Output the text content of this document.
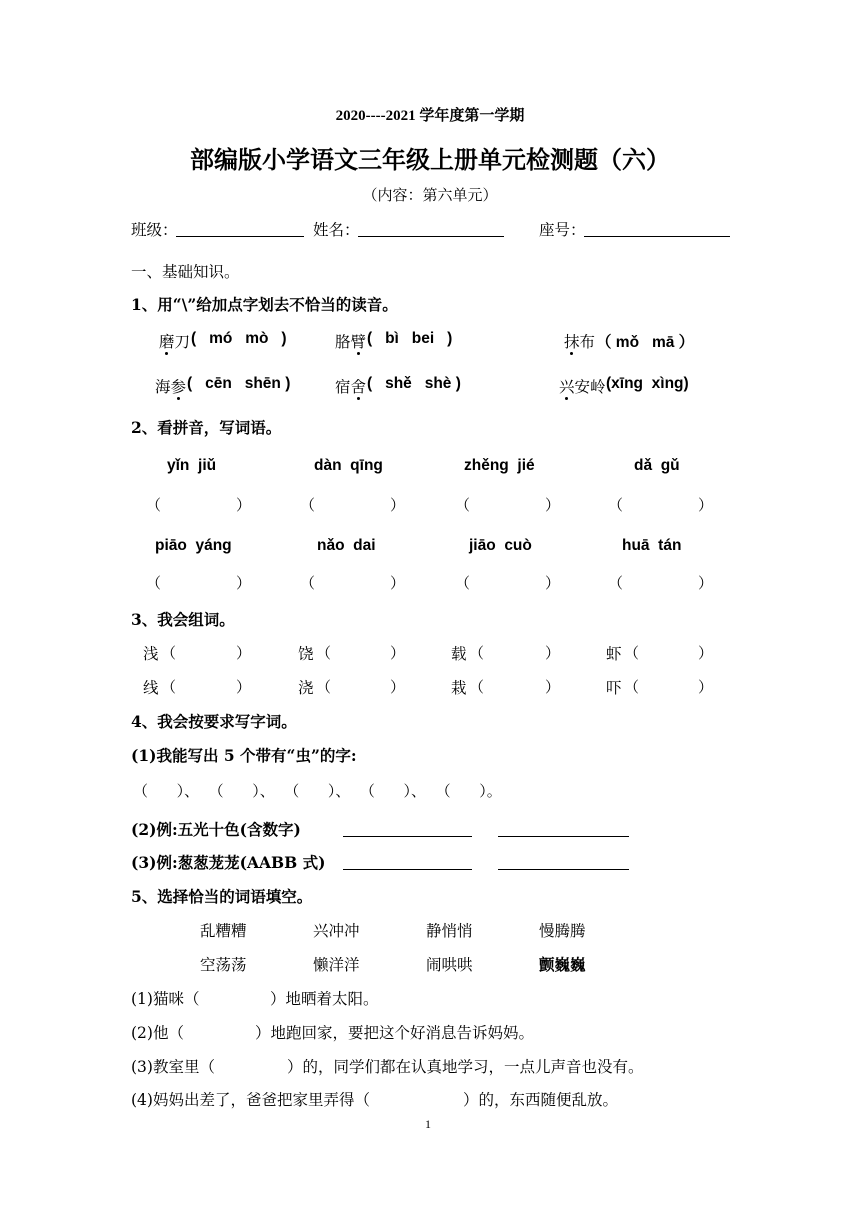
2020----2021 学年度第一学期
部编版小学语文三年级上册单元检测题（六）
（内容：第六单元）
班级：	姓名：	座号：
一、基础知识。
1、用“\”给加点字划去不恰当的读音。
磨刀 (   mó   mò   )	胳臂 (   bì   bei   )	抹布 （ mǒ   mā ）
海参 (   cēn   shēn )	宿舍 (   shě   shè )	兴安岭 (xīng  xìng)
2、看拼音，写词语。
yǐn  jiǔ	dàn  qīng	zhěng  jié	dǎ  gǔ
（	）	（	）	（	）	（	）
piāo  yáng	nǎo  dai	jiāo  cuò	huā  tán
（	）	（	）	（	）	（	）
3、我会组词。
浅 （	）	饶 （	）	载 （	）	虾 （	）
线 （	）	浇 （	）	栽 （	）	吓 （	）
4、我会按要求写字词。
(1)我能写出 5 个带有“虫”的字:
（      ）、  （      ）、  （      ）、  （      ）、  （      ）。
(2)例:五光十色(含数字)
(3)例:葱葱茏茏(AABB 式)
5、选择恰当的词语填空。
乱糟糟	兴冲冲	静悄悄	慢腾腾
空荡荡	懒洋洋	闹哄哄	颤巍巍
(1)猫咪（	）地晒着太阳。
(2)他（	）地跑回家，要把这个好消息告诉妈妈。
(3)教室里（	）的，同学们都在认真地学习，一点儿声音也没有。
(4)妈妈出差了，爸爸把家里弄得（	）的，东西随便乱放。
1
